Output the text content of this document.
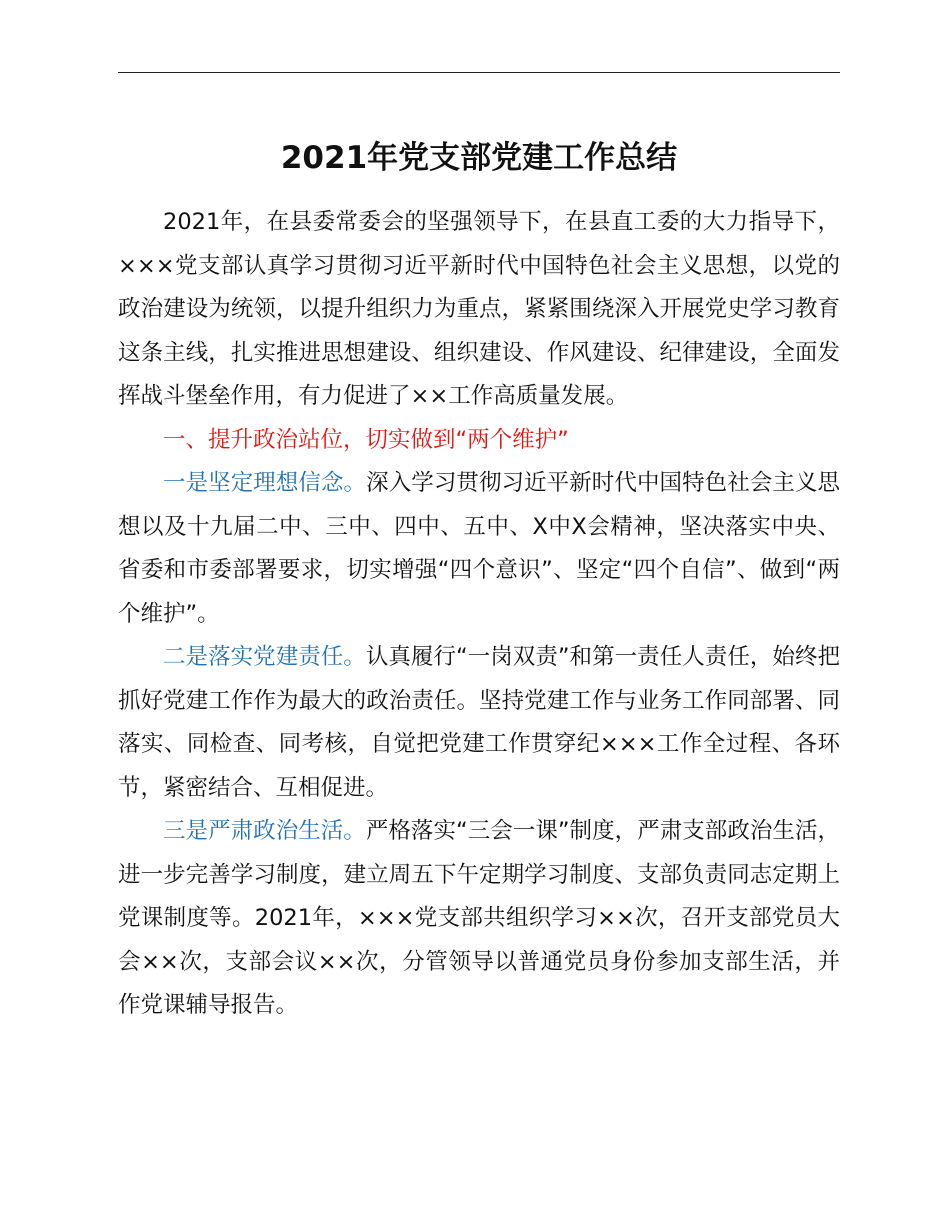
2021年党支部党建工作总结

2021年，在县委常委会的坚强领导下，在县直工委的大力指导下，×××党支部认真学习贯彻习近平新时代中国特色社会主义思想，以党的政治建设为统领，以提升组织力为重点，紧紧围绕深入开展党史学习教育这条主线，扎实推进思想建设、组织建设、作风建设、纪律建设，全面发挥战斗堡垒作用，有力促进了××工作高质量发展。

一、提升政治站位，切实做到“两个维护”

一是坚定理想信念。深入学习贯彻习近平新时代中国特色社会主义思想以及十九届二中、三中、四中、五中、X中X会精神，坚决落实中央、省委和市委部署要求，切实增强“四个意识”、坚定“四个自信”、做到“两个维护”。

二是落实党建责任。认真履行“一岗双责”和第一责任人责任，始终把抓好党建工作作为最大的政治责任。坚持党建工作与业务工作同部署、同落实、同检查、同考核，自觉把党建工作贯穿纪×××工作全过程、各环节，紧密结合、互相促进。

三是严肃政治生活。严格落实“三会一课”制度，严肃支部政治生活，进一步完善学习制度，建立周五下午定期学习制度、支部负责同志定期上党课制度等。2021年，×××党支部共组织学习××次，召开支部党员大会××次，支部会议××次，分管领导以普通党员身份参加支部生活，并作党课辅导报告。
